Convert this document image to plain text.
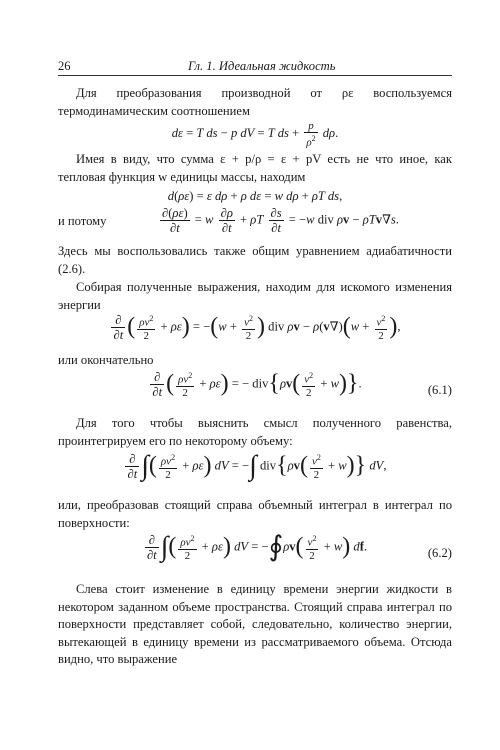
26	Гл. 1. Идеальная жидкость

Для преобразования производной от ρε воспользуемся термодинамическим соотношением

dε = T ds − p dV = T ds + $\frac{p}{\rho^2} d\rho$.

Имея в виду, что сумма ε + p/ρ = ε + pV есть не что иное, как тепловая функция w единицы массы, находим

d(ρε) = ε dρ + ρ dε = w dρ + ρT ds,

и потому	$\frac{\partial(\rho\varepsilon)}{\partial t} = w \frac{\partial\rho}{\partial t} + \rho T \frac{\partial s}{\partial t} = -w$ div ρv − ρTv∇s.

Здесь мы воспользовались также общим уравнением адиабатичности (2.6).

Собирая полученные выражения, находим для искомого изменения энергии

$\frac{\partial}{\partial t}$ ( $\frac{\rho v^2}{2} + \rho\varepsilon) = -(w + \frac{v^2}{2}$ ) div $\rho v - \rho(v\nabla)(w + \frac{v^2}{2}$ ),

или окончательно

$\frac{\partial}{\partial t}$ ( $\frac{\rho v^2}{2} + \rho\varepsilon$) = − $div\{\rho v( \frac{v^2}{2} + w)\}$.	(6.1)

Для того чтобы выяснить смысл полученного равенства, проинтегрируем его по некоторому объему:

$\frac{\partial}{\partial t}$ ∫( $\frac{\rho v^2}{2} + \rho\varepsilon$) dV = −∫ $div\{\rho v( \frac{v^2}{2} + w)\}$ dV,

или, преобразовав стоящий справа объемный интеграл в интеграл по поверхности:

$\frac{\partial}{\partial t}$ ∫( $\frac{\rho v^2}{2} + \rho\varepsilon$) dV = −∮ρv( $\frac{v^2}{2} + w$) df.	(6.2)

Слева стоит изменение в единицу времени энергии жидкости в некотором заданном объеме пространства. Стоящий справа интеграл по поверхности представляет собой, следовательно, количество энергии, вытекающей в единицу времени из рассматриваемого объема. Отсюда видно, что выражение
